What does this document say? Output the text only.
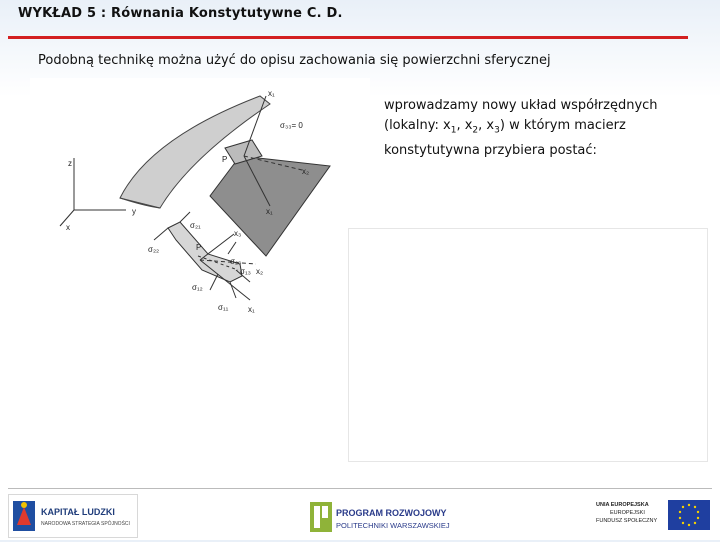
WYKŁAD 5 : Równania Konstytutywne C. D.
Podobną technikę można użyć do opisu zachowania się powierzchni sferycznej
x₁
σ₃₃= 0
P
x₂
x₁
z
y
x	σ₂₁
x₃
σ₂₂	P
σ₂₃
σ₁₃ x₂
σ₁₂
σ₁₁ x₁
wprowadzamy nowy układ współrzędnych
(lokalny: $x_1$, $x_2$, $x_3$) w którym macierz
konstytutywna przybiera postać:
KAPITAŁ LUDZKI
NARODOWA STRATEGIA SPÓJNOŚCI
PROGRAM ROZWOJOWY
POLITECHNIKI WARSZAWSKIEJ
UNIA EUROPEJSKA
EUROPEJSKI
FUNDUSZ SPOŁECZNY
